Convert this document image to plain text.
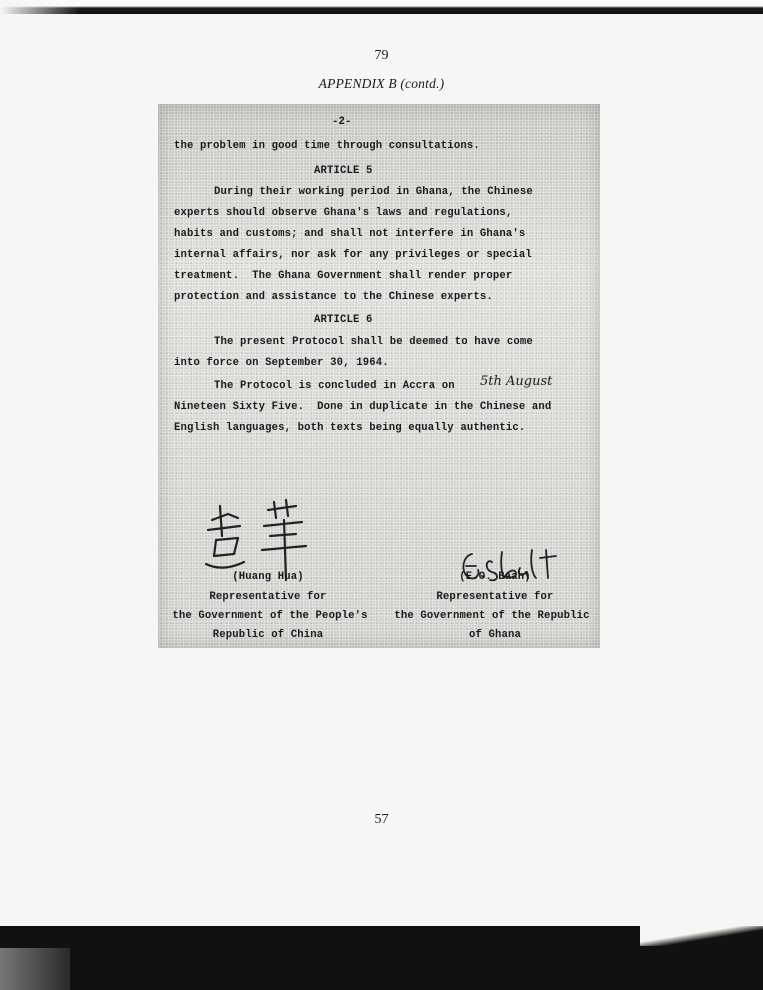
79
APPENDIX B (contd.)
-2-
the problem in good time through consultations.
ARTICLE 5
During their working period in Ghana, the Chinese
experts should observe Ghana's laws and regulations,
habits and customs; and shall not interfere in Ghana's
internal affairs, nor ask for any privileges or special
treatment.  The Ghana Government shall render proper
protection and assistance to the Chinese experts.
ARTICLE 6
The present Protocol shall be deemed to have come
into force on September 30, 1964.
The Protocol is concluded in Accra on 5th August
Nineteen Sixty Five.  Done in duplicate in the Chinese and
English languages, both texts being equally authentic.
(Huang Hua)
Representative for
the Government of the People's
Republic of China
(E.O. Baah)
Representative for
the Government of the Republic
of Ghana
57
